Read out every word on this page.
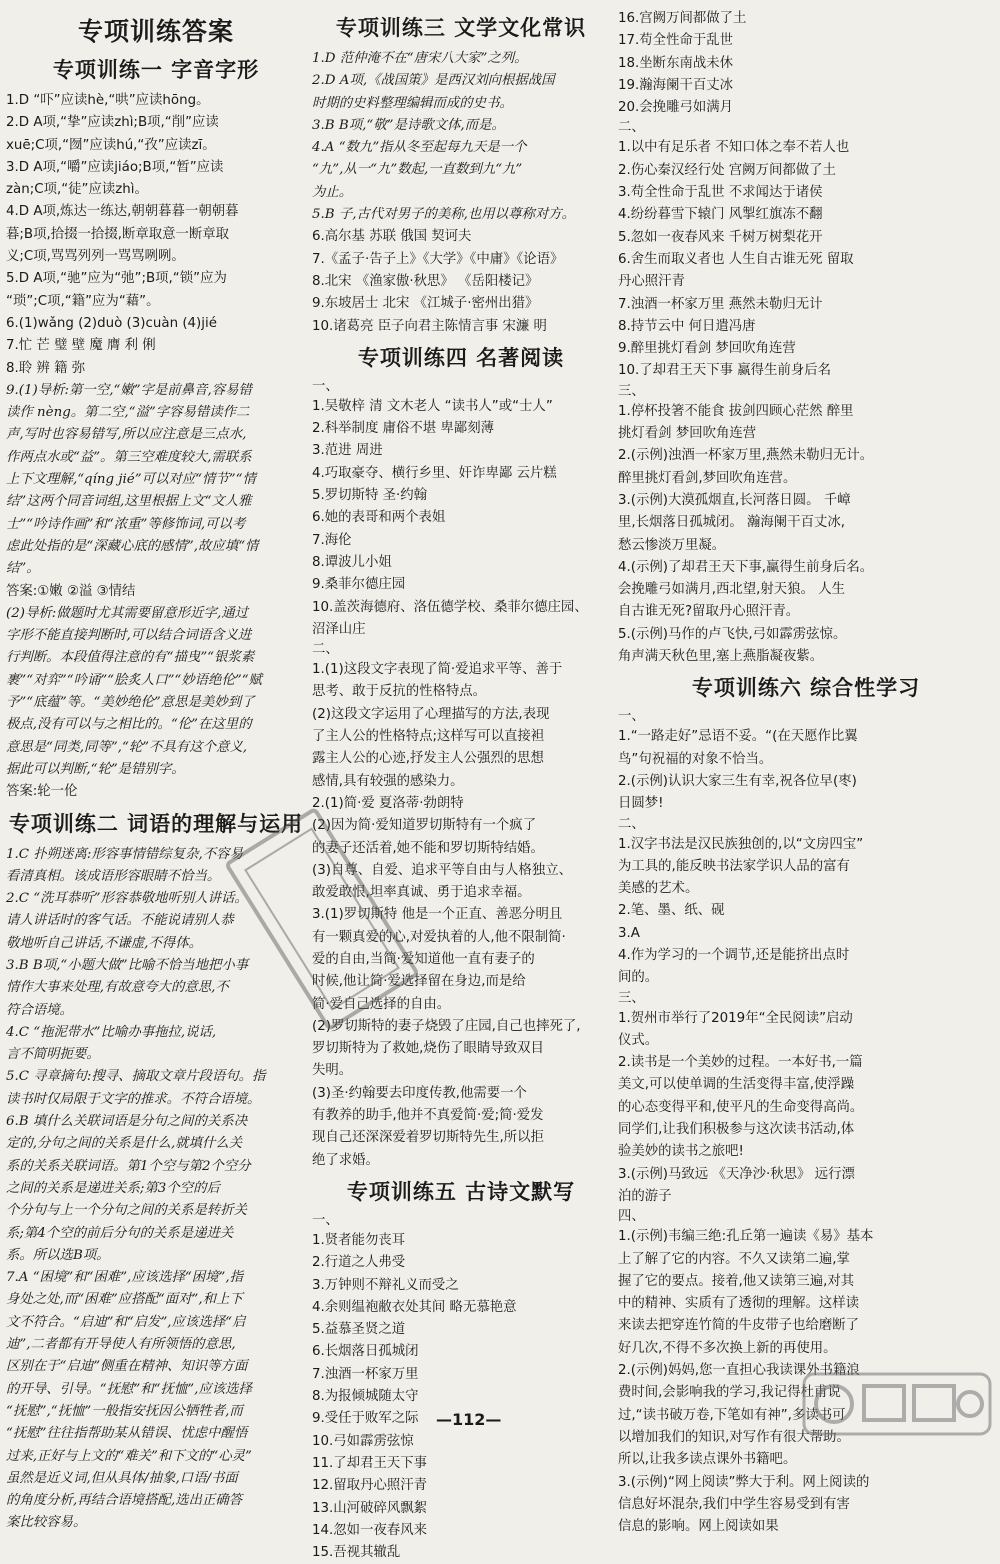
专项训练答案
专项训练一 字音字形
1.D “吓”应读hè,“哄”应读hōng。
2.D A项,“挚”应读zhì;B项,“削”应读
xuē;C项,“囫”应读hú,“孜”应读zī。
3.D A项,“嚼”应读jiáo;B项,“暂”应读
zàn;C项,“徒”应读zhì。
4.D A项,炼达一练达,朝朝暮暮一朝朝暮
暮;B项,拾掇一拾掇,断章取意一断章取
义;C项,骂骂列列一骂骂咧咧。
5.D A项,“驰”应为“弛”;B项,“锁”应为
“琐”;C项,“籍”应为“藉”。
6.(1)wǎng (2)duò (3)cuàn (4)jié
7.忙 芒 璧 壁 魔 膺 利 俐
8.聆 辨 籍 弥
9.(1)导析:第一空,“嫩”字是前鼻音,容易错
读作 nèng。第二空,“溢”字容易错读作二
声,写时也容易错写,所以应注意是三点水,
作两点水或“益”。第三空难度较大,需联系
上下文理解,“qíng jié”可以对应“情节”“情
结”这两个同音词组,这里根据上文“文人雅
士”“吟诗作画”和“浓重”等修饰词,可以考
虑此处指的是“深藏心底的感情”,故应填“情
结”。
答案:①嫩 ②溢 ③情结
(2)导析:做题时尤其需要留意形近字,通过
字形不能直接判断时,可以结合词语含义进
行判断。本段值得注意的有“描曳”“银浆素
裹”“对弈”“吟诵”“脍炙人口”“妙语绝伦”“赋
予”“底蕴”等。“美妙绝伦”意思是美妙到了
极点,没有可以与之相比的。“伦”在这里的
意思是“同类,同等”,“轮”不具有这个意义,
据此可以判断,“轮”是错别字。
答案:轮一伦
专项训练二 词语的理解与运用
1.C 扑朔迷离:形容事情错综复杂,不容易
看清真相。该成语形容眼睛不恰当。
2.C “洗耳恭听”形容恭敬地听别人讲话。
请人讲话时的客气话。不能说请别人恭
敬地听自己讲话,不谦虚,不得体。
3.B B项,“小题大做”比喻不恰当地把小事
情作大事来处理,有故意夸大的意思,不
符合语境。
4.C “拖泥带水”比喻办事拖拉,说话,
言不简明扼要。
5.C 寻章摘句:搜寻、摘取文章片段语句。指
读书时仅局限于文字的推求。不符合语境。
6.B 填什么关联词语是分句之间的关系决
定的,分句之间的关系是什么,就填什么关
系的关系关联词语。第1个空与第2个空分
之间的关系是递进关系;第3个空的后
个分句与上一个分句之间的关系是转折关
系;第4个空的前后分句的关系是递进关
系。所以选B项。
7.A “困境”和“困难”,应该选择“困境”,指
身处之处,而“困难”应搭配“面对”,和上下
文不符合。“启迪”和“启发”,应该选择“启
迪”,二者都有开导使人有所领悟的意思,
区别在于“启迪”侧重在精神、知识等方面
的开导、引导。“抚慰”和“抚恤”,应该选择
“抚慰”,“抚恤”一般指安抚因公牺牲者,而
“抚慰”往往指帮助某从错误、忧虑中醒悟
过来,正好与上文的“难关”和下文的“心灵”
虽然是近义词,但从具体/抽象,口语/书面
的角度分析,再结合语境搭配,选出正确答
案比较容易。
专项训练三 文学文化常识
1.D 范仲淹不在“唐宋八大家”之列。
2.D A项,《战国策》是西汉刘向根据战国
时期的史料整理编辑而成的史书。
3.B B项,“敬”是诗歌文体,而是。
4.A “数九”指从冬至起每九天是一个
“九”,从一“九”数起,一直数到九“九”
为止。
5.B 子,古代对男子的美称,也用以尊称对方。
6.高尔基 苏联 俄国 契诃夫
7.《孟子·告子上》《大学》《中庸》《论语》
8.北宋 《渔家傲·秋思》 《岳阳楼记》
9.东坡居士 北宋 《江城子·密州出猎》
10.诸葛亮 臣子向君主陈情言事 宋濂 明
专项训练四 名著阅读
一、
1.吴敬梓 清 文木老人 “读书人”或“士人”
2.科举制度 庸俗不堪 卑鄙刻薄
3.范进 周进
4.巧取豪夺、横行乡里、奸诈卑鄙 云片糕
5.罗切斯特 圣·约翰
6.她的表哥和两个表姐
7.海伦
8.谭波儿小姐
9.桑菲尔德庄园
10.盖茨海德府、洛伍德学校、桑菲尔德庄园、
沼泽山庄
二、
1.(1)这段文字表现了简·爱追求平等、善于
思考、敢于反抗的性格特点。
(2)这段文字运用了心理描写的方法,表现
了主人公的性格特点;这样写可以直接袒
露主人公的心迹,抒发主人公强烈的思想
感情,具有较强的感染力。
2.(1)简·爱 夏洛蒂·勃朗特
(2)因为简·爱知道罗切斯特有一个疯了
的妻子还活着,她不能和罗切斯特结婚。
(3)自尊、自爱、追求平等自由与人格独立、
敢爱敢恨,坦率真诚、勇于追求幸福。
3.(1)罗切斯特 他是一个正直、善恶分明且
有一颗真爱的心,对爱执着的人,他不限制简·
爱的自由,当简·爱知道他一直有妻子的
时候,他让简·爱选择留在身边,而是给
简·爱自己选择的自由。
(2)罗切斯特的妻子烧毁了庄园,自己也摔死了,
罗切斯特为了救她,烧伤了眼睛导致双目
失明。
(3)圣·约翰要去印度传教,他需要一个
有教养的助手,他并不真爱简·爱;简·爱发
现自己还深深爱着罗切斯特先生,所以拒
绝了求婚。
专项训练五 古诗文默写
一、
1.贤者能勿丧耳
2.行道之人弗受
3.万钟则不辩礼义而受之
4.余则缊袍敝衣处其间 略无慕艳意
5.益慕圣贤之道
6.长烟落日孤城闭
7.浊酒一杯家万里
8.为报倾城随太守
9.受任于败军之际
10.弓如霹雳弦惊
11.了却君王天下事
12.留取丹心照汗青
13.山河破碎风飘絮
14.忽如一夜春风来
15.吾视其辙乱
16.宫阙万间都做了土
17.苟全性命于乱世
18.坐断东南战未休
19.瀚海阑干百丈冰
20.会挽雕弓如满月
二、
1.以中有足乐者 不知口体之奉不若人也
2.伤心秦汉经行处 宫阙万间都做了土
3.苟全性命于乱世 不求闻达于诸侯
4.纷纷暮雪下辕门 风掣红旗冻不翻
5.忽如一夜春风来 千树万树梨花开
6.舍生而取义者也 人生自古谁无死 留取
丹心照汗青
7.浊酒一杯家万里 燕然未勒归无计
8.持节云中 何日遣冯唐
9.醉里挑灯看剑 梦回吹角连营
10.了却君王天下事 赢得生前身后名
三、
1.停杯投箸不能食 拔剑四顾心茫然 醉里
挑灯看剑 梦回吹角连营
2.(示例)浊酒一杯家万里,燕然未勒归无计。
醉里挑灯看剑,梦回吹角连营。
3.(示例)大漠孤烟直,长河落日圆。 千嶂
里,长烟落日孤城闭。 瀚海阑干百丈冰,
愁云惨淡万里凝。
4.(示例)了却君王天下事,赢得生前身后名。
会挽雕弓如满月,西北望,射天狼。 人生
自古谁无死?留取丹心照汗青。
5.(示例)马作的卢飞快,弓如霹雳弦惊。
角声满天秋色里,塞上燕脂凝夜紫。
专项训练六 综合性学习
一、
1.“一路走好”忌语不妥。“(在天愿作比翼
鸟”句祝福的对象不恰当。
2.(示例)认识大家三生有幸,祝各位早(枣)
日圆梦!
二、
1.汉字书法是汉民族独创的,以“文房四宝”
为工具的,能反映书法家学识人品的富有
美感的艺术。
2.笔、墨、纸、砚
3.A
4.作为学习的一个调节,还是能挤出点时
间的。
三、
1.贺州市举行了2019年“全民阅读”启动
仪式。
2.读书是一个美妙的过程。一本好书,一篇
美文,可以使单调的生活变得丰富,使浮躁
的心态变得平和,使平凡的生命变得高尚。
同学们,让我们积极参与这次读书活动,体
验美妙的读书之旅吧!
3.(示例)马致远 《天净沙·秋思》 远行漂
泊的游子
四、
1.(示例)韦编三绝:孔丘第一遍读《易》基本
上了解了它的内容。不久又读第二遍,掌
握了它的要点。接着,他又读第三遍,对其
中的精神、实质有了透彻的理解。这样读
来读去把穿连竹简的牛皮带子也给磨断了
好几次,不得不多次换上新的再使用。
2.(示例)妈妈,您一直担心我读课外书籍浪
费时间,会影响我的学习,我记得杜甫说
过,“读书破万卷,下笔如有神”,多读书可
以增加我们的知识,对写作有很大帮助。
所以,让我多读点课外书籍吧。
3.(示例)“网上阅读”弊大于利。网上阅读的
信息好坏混杂,我们中学生容易受到有害
信息的影响。网上阅读如果
—112—
